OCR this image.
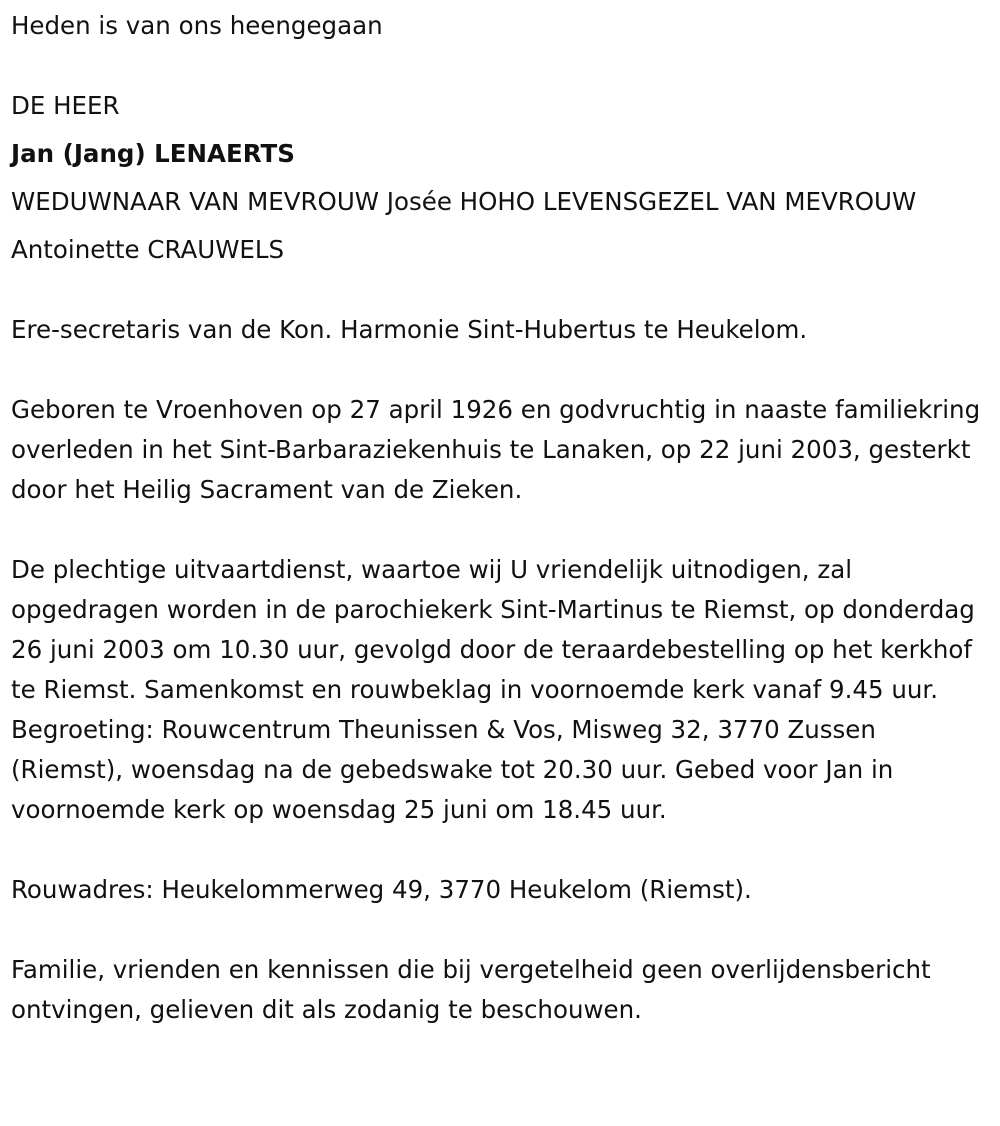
Heden is van ons heengegaan

DE HEER

Jan (Jang) LENAERTS

WEDUWNAAR VAN MEVROUW Josée HOHO LEVENSGEZEL VAN MEVROUW

Antoinette CRAUWELS

Ere-secretaris van de Kon. Harmonie Sint-Hubertus te Heukelom.

Geboren te Vroenhoven op 27 april 1926 en godvruchtig in naaste familiekring overleden in het Sint-Barbaraziekenhuis te Lanaken, op 22 juni 2003, gesterkt door het Heilig Sacrament van de Zieken.

De plechtige uitvaartdienst, waartoe wij U vriendelijk uitnodigen, zal opgedragen worden in de parochiekerk Sint-Martinus te Riemst, op donderdag 26 juni 2003 om 10.30 uur, gevolgd door de teraardebestelling op het kerkhof te Riemst. Samenkomst en rouwbeklag in voornoemde kerk vanaf 9.45 uur. Begroeting: Rouwcentrum Theunissen & Vos, Misweg 32, 3770 Zussen (Riemst), woensdag na de gebedswake tot 20.30 uur. Gebed voor Jan in voornoemde kerk op woensdag 25 juni om 18.45 uur.

Rouwadres: Heukelommerweg 49, 3770 Heukelom (Riemst).

Familie, vrienden en kennissen die bij vergetelheid geen overlijdensbericht ontvingen, gelieven dit als zodanig te beschouwen.
